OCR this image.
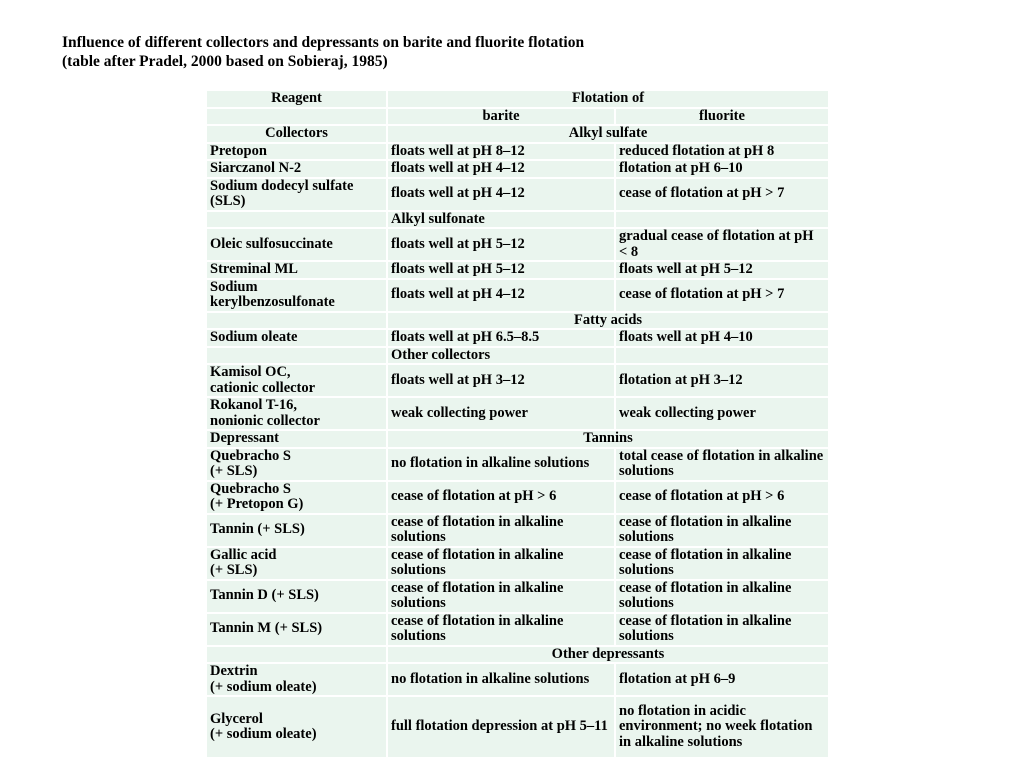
Influence of different collectors and depressants on barite and fluorite flotation
(table after Pradel, 2000 based on Sobieraj, 1985)
Reagent	Flotation of	
	barite	fluorite
Collectors	Alkyl sulfate	
Pretopon	floats well at pH 8–12	reduced flotation at pH 8
Siarczanol N-2	floats well at pH 4–12	flotation at pH 6–10
Sodium dodecyl sulfate (SLS)	floats well at pH 4–12	cease of flotation at pH > 7
	Alkyl sulfonate	
Oleic sulfosuccinate	floats well at pH 5–12	gradual cease of flotation at pH < 8
Streminal ML	floats well at pH 5–12	floats well at pH 5–12
Sodium kerylbenzosulfonate	floats well at pH 4–12	cease of flotation at pH > 7
	Fatty acids	
Sodium oleate	floats well at pH 6.5–8.5	floats well at pH 4–10
	Other collectors	
Kamisol OC,
cationic collector	floats well at pH 3–12	flotation at pH 3–12
Rokanol T-16,
nonionic collector	weak collecting power	weak collecting power
Depressant	Tannins	
Quebracho S
(+ SLS)	no flotation in alkaline solutions	total cease of flotation in alkaline solutions
Quebracho S
(+ Pretopon G)	cease of flotation at pH > 6	cease of flotation at pH > 6
Tannin (+ SLS)	cease of flotation in alkaline solutions	cease of flotation in alkaline solutions
Gallic acid
(+ SLS)	cease of flotation in alkaline solutions	cease of flotation in alkaline solutions
Tannin D (+ SLS)	cease of flotation in alkaline solutions	cease of flotation in alkaline solutions
Tannin M (+ SLS)	cease of flotation in alkaline solutions	cease of flotation in alkaline solutions
	Other depressants	
Dextrin
(+ sodium oleate)	no flotation in alkaline solutions	flotation at pH 6–9
Glycerol
(+ sodium oleate)	full flotation depression at pH 5–11	no flotation in acidic environment; no week flotation in alkaline solutions
